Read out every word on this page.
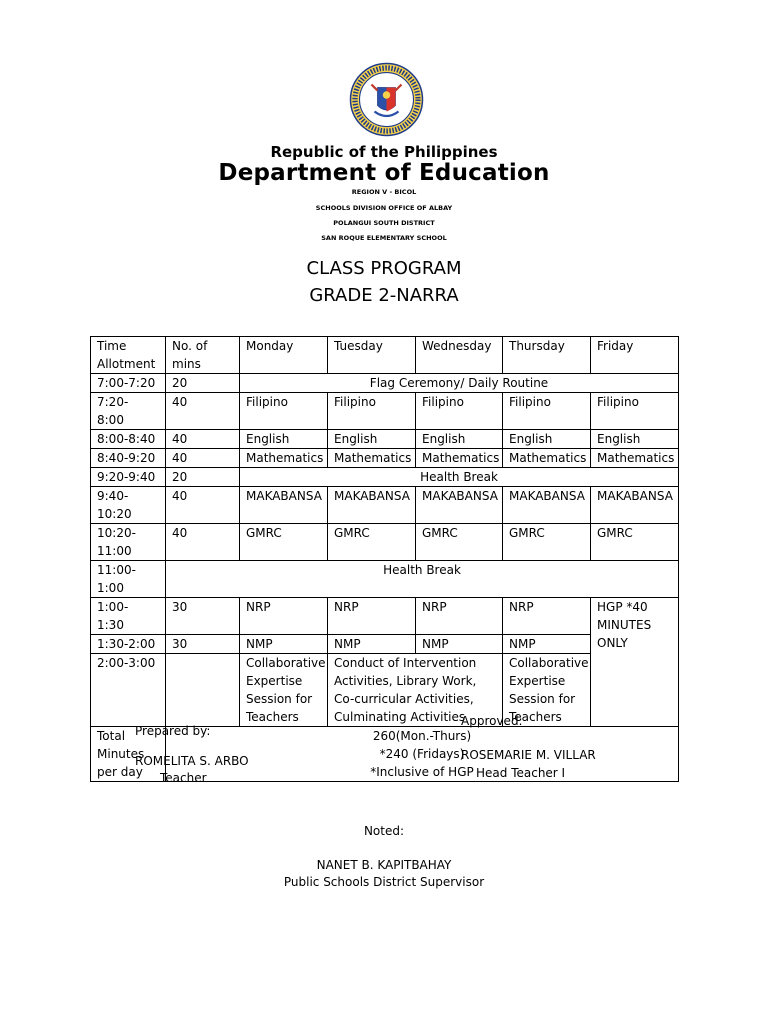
Republic of the Philippines
Department of Education
REGION V - BICOL
SCHOOLS DIVISION OFFICE OF ALBAY
POLANGUI SOUTH DISTRICT
SAN ROQUE ELEMENTARY SCHOOL
CLASS PROGRAM
GRADE 2-NARRA
Time Allotment	No. of mins	Monday	Tuesday	Wednesday	Thursday	Friday
7:00-7:20	20	Flag Ceremony/ Daily Routine				
7:20- 8:00	40	Filipino	Filipino	Filipino	Filipino	Filipino
8:00-8:40	40	English	English	English	English	English
8:40-9:20	40	Mathematics	Mathematics	Mathematics	Mathematics	Mathematics
9:20-9:40	20	Health Break				
9:40-10:20	40	MAKABANSA	MAKABANSA	MAKABANSA	MAKABANSA	MAKABANSA
10:20-11:00	40	GMRC	GMRC	GMRC	GMRC	GMRC
11:00-1:00	Health Break					
1:00- 1:30	30	NRP	NRP	NRP	NRP	HGP *40 MINUTES ONLY
1:30-2:00	30	NMP	NMP	NMP	NMP	
2:00-3:00		Collaborative Expertise Session for Teachers	Conduct of Intervention Activities, Library Work, Co-curricular Activities, Culminating Activities		Collaborative Expertise Session for Teachers	
Total Minutes per day	260(Mon.-Thurs)
*240 (Fridays)
*Inclusive of HGP					
Prepared by:
ROMELITA S. ARBO
Teacher
Approved:
ROSEMARIE M. VILLAR
Head Teacher I
Noted:
NANET B. KAPITBAHAY
Public Schools District Supervisor
